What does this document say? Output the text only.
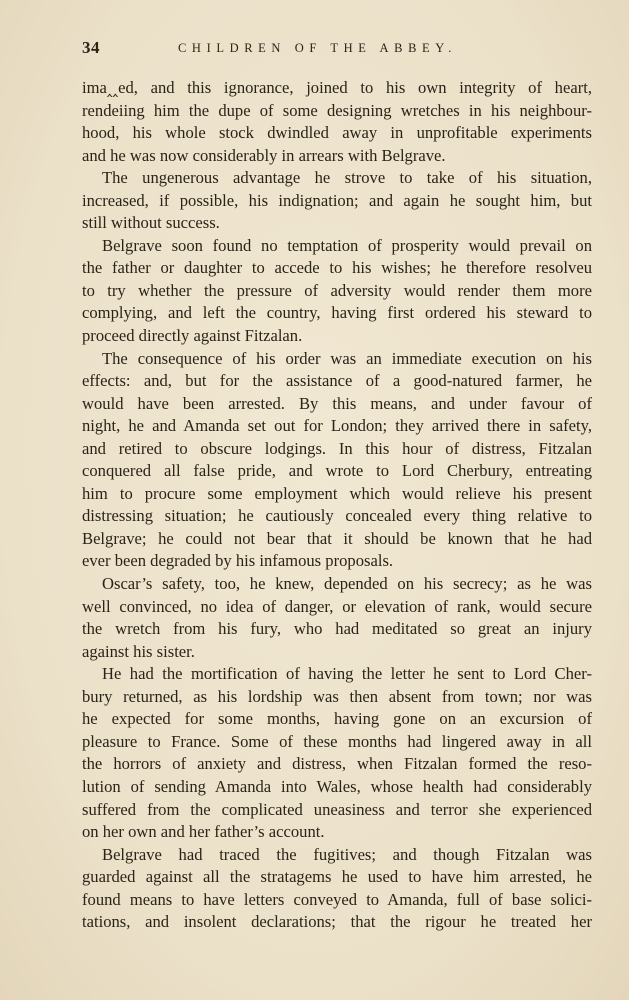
34	CHILDREN OF THE ABBEY.
ima‸‸ed, and this ignorance, joined to his own integrity of heart,
rendeiing him the dupe of some designing wretches in his neighbour-
hood, his whole stock dwindled away in unprofitable experiments
and he was now considerably in arrears with Belgrave.
The ungenerous advantage he strove to take of his situation,
increased, if possible, his indignation; and again he sought him, but
still without success.
Belgrave soon found no temptation of prosperity would prevail on
the father or daughter to accede to his wishes; he therefore resolveu
to try whether the pressure of adversity would render them more
complying, and left the country, having first ordered his steward to
proceed directly against Fitzalan.
The consequence of his order was an immediate execution on his
effects: and, but for the assistance of a good-natured farmer, he
would have been arrested. By this means, and under favour of
night, he and Amanda set out for London; they arrived there in safety,
and retired to obscure lodgings. In this hour of distress, Fitzalan
conquered all false pride, and wrote to Lord Cherbury, entreating
him to procure some employment which would relieve his present
distressing situation; he cautiously concealed every thing relative to
Belgrave; he could not bear that it should be known that he had
ever been degraded by his infamous proposals.
Oscar’s safety, too, he knew, depended on his secrecy; as he was
well convinced, no idea of danger, or elevation of rank, would secure
the wretch from his fury, who had meditated so great an injury
against his sister.
He had the mortification of having the letter he sent to Lord Cher-
bury returned, as his lordship was then absent from town; nor was
he expected for some months, having gone on an excursion of
pleasure to France. Some of these months had lingered away in all
the horrors of anxiety and distress, when Fitzalan formed the reso-
lution of sending Amanda into Wales, whose health had considerably
suffered from the complicated uneasiness and terror she experienced
on her own and her father’s account.
Belgrave had traced the fugitives; and though Fitzalan was
guarded against all the stratagems he used to have him arrested, he
found means to have letters conveyed to Amanda, full of base solici-
tations, and insolent declarations; that the rigour he treated her
